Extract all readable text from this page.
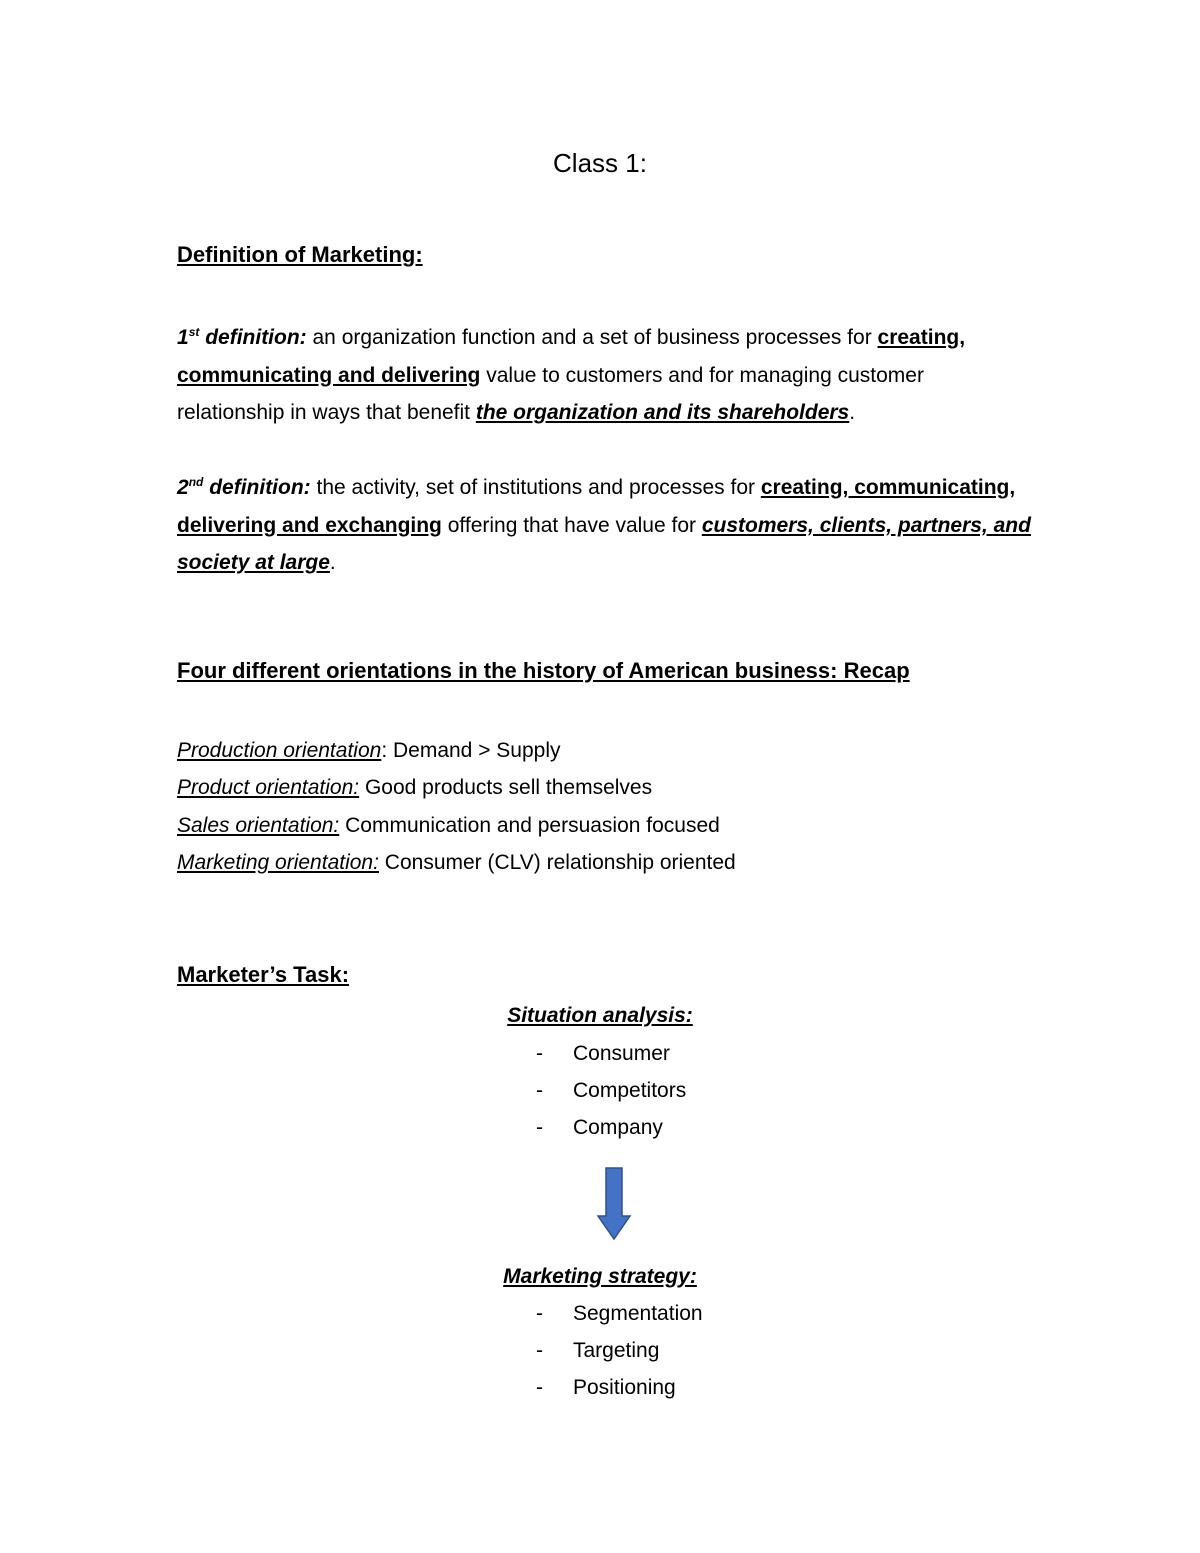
Class 1:
Definition of Marketing:

1st definition: an organization function and a set of business processes for creating, communicating and delivering value to customers and for managing customer relationship in ways that benefit the organization and its shareholders.

2nd definition: the activity, set of institutions and processes for creating, communicating, delivering and exchanging offering that have value for customers, clients, partners, and society at large.

Four different orientations in the history of American business: Recap
Production orientation: Demand > Supply
Product orientation: Good products sell themselves
Sales orientation: Communication and persuasion focused
Marketing orientation: Consumer (CLV) relationship oriented
Marketer’s Task:

Situation analysis:

-	Consumer
-	Competitors
-	Company

Marketing strategy:

-	Segmentation
-	Targeting
-	Positioning
